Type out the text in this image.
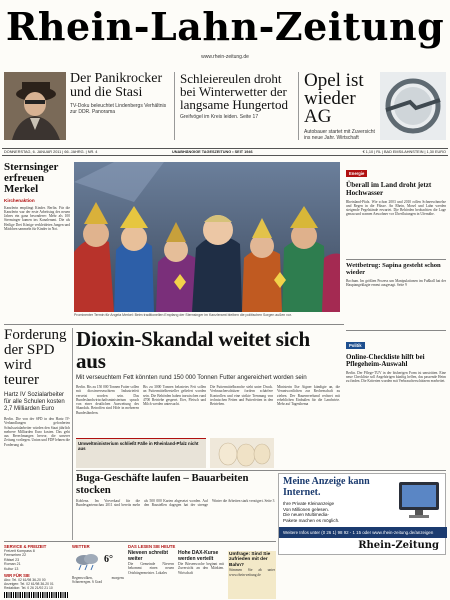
Rhein-Lahn-Zeitung
www.rhein-zeitung.de
Der Panikrocker und die Stasi
TV-Doku beleuchtet Lindenbergs Verhältnis zur DDR. Panorama
Schleiereulen droht bei Winterwetter der langsame Hungertod
Greifvögel im Kreis leiden. Seite 17
Opel ist wieder AG
Autobauer startet mit Zuversicht ins neue Jahr. Wirtschaft
DONNERSTAG, 6. JANUAR 2011 | 66. JAHRG. | NR. 4	UNABHÄNGIGE TAGESZEITUNG • SEIT 1946	€ 1,10 | RL | BAD EMS/LAHNSTEIN | 1,30 EURO
Sternsinger erfreuen Merkel
Kirchenaktion
Kanzlerin empfängt Kinder. Berlin. Für die Kanzlerin war der erste Arbeitstag des neuen Jahres ein ganz besonderer: Mehr als 100 Sternsinger kamen ins Kanzleramt. Die als Heilige Drei Könige verkleideten Jungen und Mädchen sammeln für Kinder in Not.
Prominenter Termin für Angela Merkel: Beim traditionellen Empfang der Sternsinger im Kanzleramt bleiben die politischen Sorgen außen vor.
Energie
Überall im Land droht jetzt Hochwasser
Rheinland-Pfalz. Wie schon 2003 und 2010 rollen Schneeschmelze und Regen in die Flüsse. An Rhein, Mosel und Lahn werden steigende Pegelstände erwartet. Die Behörden beobachten die Lage genau und warnen Anwohner vor Überflutungen in Ufernähe.
Wettbetrug: Sapina gesteht schon wieder
Bochum. Im größten Prozess um Manipulationen im Fußball hat der Hauptangeklagte erneut ausgesagt. Seite 9
Forderung der SPD wird teurer
Hartz IV Sozialarbeiter für alle Schulen kosten 2,7 Milliarden Euro
Berlin. Die von der SPD in den Hartz IV-Verhandlungen geforderten Schulsozialarbeiter würden den Staat jährlich mehrere Milliarden Euro kosten. Das geht aus Berechnungen hervor, die unserer Zeitung vorliegen. Union und FDP lehnen die Forderung ab.
Dioxin-Skandal weitet sich aus
Mit verseuchtem Fett könnten rund 150 000 Tonnen Futter angereichert worden sein
Berlin. Bis zu 150 000 Tonnen Futter sollen mit dioxinverseuchtem Industriefett versetzt worden sein. Das Bundeslandwirtschaftsministerium sprach von einer deutlichen Ausweitung des Skandals. Betroffen sind Höfe in mehreren Bundesländern.
Bis zu 3000 Tonnen belastetes Fett sollen an Futtermittelhersteller geliefert worden sein. Die Behörden haben inzwischen rund 4700 Betriebe gesperrt. Eier, Fleisch und Milch werden untersucht.
Die Futtermittelbranche steht unter Druck. Verbraucherschützer fordern schärfere Kontrollen und eine strikte Trennung von technischen Fetten und Futterfetten in den Betrieben.
Ministerin Ilse Aigner kündigte an, die Verantwortlichen zur Rechenschaft zu ziehen. Der Bauernverband rechnet mit erheblichen Einbußen für die Landwirte. Mehr auf Tagesthema
Umweltministerium schließt Fälle in Rheinland-Pfalz nicht aus
Politik
Online-Checkliste hilft bei Pflegeheim-Auswahl
Berlin. Der Pflege-TÜV in der bisherigen Form ist umstritten. Eine neue Checkliste soll Angehörigen künftig helfen, das passende Heim zu finden. Die Kriterien wurden mit Verbraucherschützern erarbeitet.
Buga-Geschäfte laufen – Bauarbeiten stocken
Koblenz. Im Vorverkauf für die Bundesgartenschau 2011 sind bereits mehr als 500 000 Karten abgesetzt worden. Auf den Baustellen dagegen hat der strenge Winter die Arbeiten stark verzögert. Seite 3
Meine Anzeige kann Internet.
Ihre Private Kleinanzeige
Von Millionen gelesen.
Die neuen Multimedia-
Pakete machen es möglich.
Weitere Infos unter (0 26 1) 98 92 - 1 15 oder www.rhein-zeitung.de/anzeigen
Rhein-Zeitung
SERVICE & FREIZEIT
Freizeit Kompass 8
Fernsehen 22
Rätsel 23
Roman 21
Kultur 13
WIR FÜR SIE
Abo: Tel. 02 61/98 36-20 00
Anzeigen: Tel. 02 61/98 36-20 01
Redaktion: Tel. 0 26 21/92 21 10
WETTER
6°
Regenwolken, morgens Schneeregen. 6 Grad
DAS LESEN SIE HEUTE
Nieveen schreibt weiter
Die Gemeinde Nievern bekommt einen neuen Ortsbürgermeister. Lokales
Hohe DAX-Kurse werden verteilt
Die Börsenwoche beginnt mit Zuversicht an den Märkten. Wirtschaft
Umfrage: Sind Sie zufrieden mit der Bahn?
Stimmen Sie ab unter www.rhein-zeitung.de
